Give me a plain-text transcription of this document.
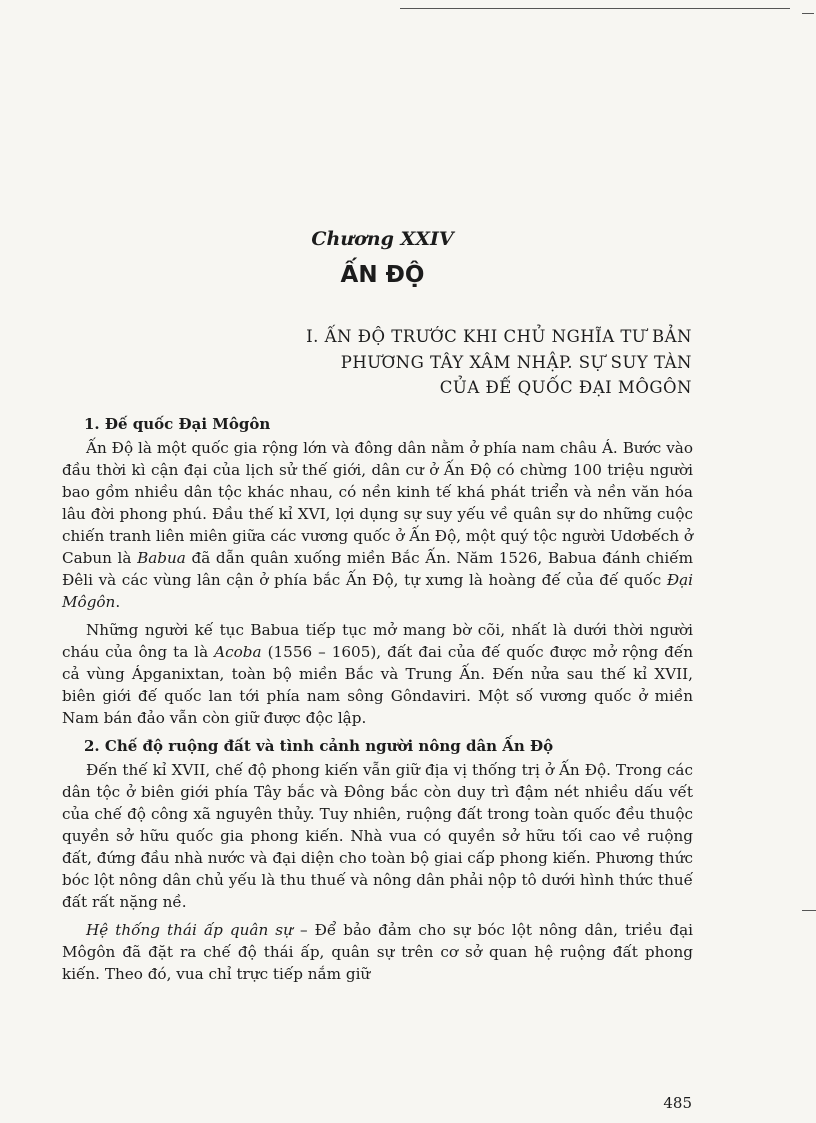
Chương XXIV
ẤN ĐỘ
I. ẤN ĐỘ TRƯỚC KHI CHỦ NGHĨA TƯ BẢN
PHƯƠNG TÂY XÂM NHẬP. SỰ SUY TÀN
CỦA ĐẾ QUỐC ĐẠI MÔGÔN
1. Đế quốc Đại Môgôn

Ấn Độ là một quốc gia rộng lớn và đông dân nằm ở phía nam châu Á. Bước vào đầu thời kì cận đại của lịch sử thế giới, dân cư ở Ấn Độ có chừng 100 triệu người bao gồm nhiều dân tộc khác nhau, có nền kinh tế khá phát triển và nền văn hóa lâu đời phong phú. Đầu thế kỉ XVI, lợi dụng sự suy yếu về quân sự do những cuộc chiến tranh liên miên giữa các vương quốc ở Ấn Độ, một quý tộc người Udơbếch ở Cabun là Babua đã dẫn quân xuống miền Bắc Ấn. Năm 1526, Babua đánh chiếm Đêli và các vùng lân cận ở phía bắc Ấn Độ, tự xưng là hoàng đế của đế quốc Đại Môgôn.

Những người kế tục Babua tiếp tục mở mang bờ cõi, nhất là dưới thời người cháu của ông ta là Acoba (1556 – 1605), đất đai của đế quốc được mở rộng đến cả vùng Ápganixtan, toàn bộ miền Bắc và Trung Ấn. Đến nửa sau thế kỉ XVII, biên giới đế quốc lan tới phía nam sông Gôndaviri. Một số vương quốc ở miền Nam bán đảo vẫn còn giữ được độc lập.

2. Chế độ ruộng đất và tình cảnh người nông dân Ấn Độ

Đến thế kỉ XVII, chế độ phong kiến vẫn giữ địa vị thống trị ở Ấn Độ. Trong các dân tộc ở biên giới phía Tây bắc và Đông bắc còn duy trì đậm nét nhiều dấu vết của chế độ công xã nguyên thủy. Tuy nhiên, ruộng đất trong toàn quốc đều thuộc quyền sở hữu quốc gia phong kiến. Nhà vua có quyền sở hữu tối cao về ruộng đất, đứng đầu nhà nước và đại diện cho toàn bộ giai cấp phong kiến. Phương thức bóc lột nông dân chủ yếu là thu thuế và nông dân phải nộp tô dưới hình thức thuế đất rất nặng nề.

Hệ thống thái ấp quân sự – Để bảo đảm cho sự bóc lột nông dân, triều đại Môgôn đã đặt ra chế độ thái ấp, quân sự trên cơ sở quan hệ ruộng đất phong kiến. Theo đó, vua chỉ trực tiếp nắm giữ

485
